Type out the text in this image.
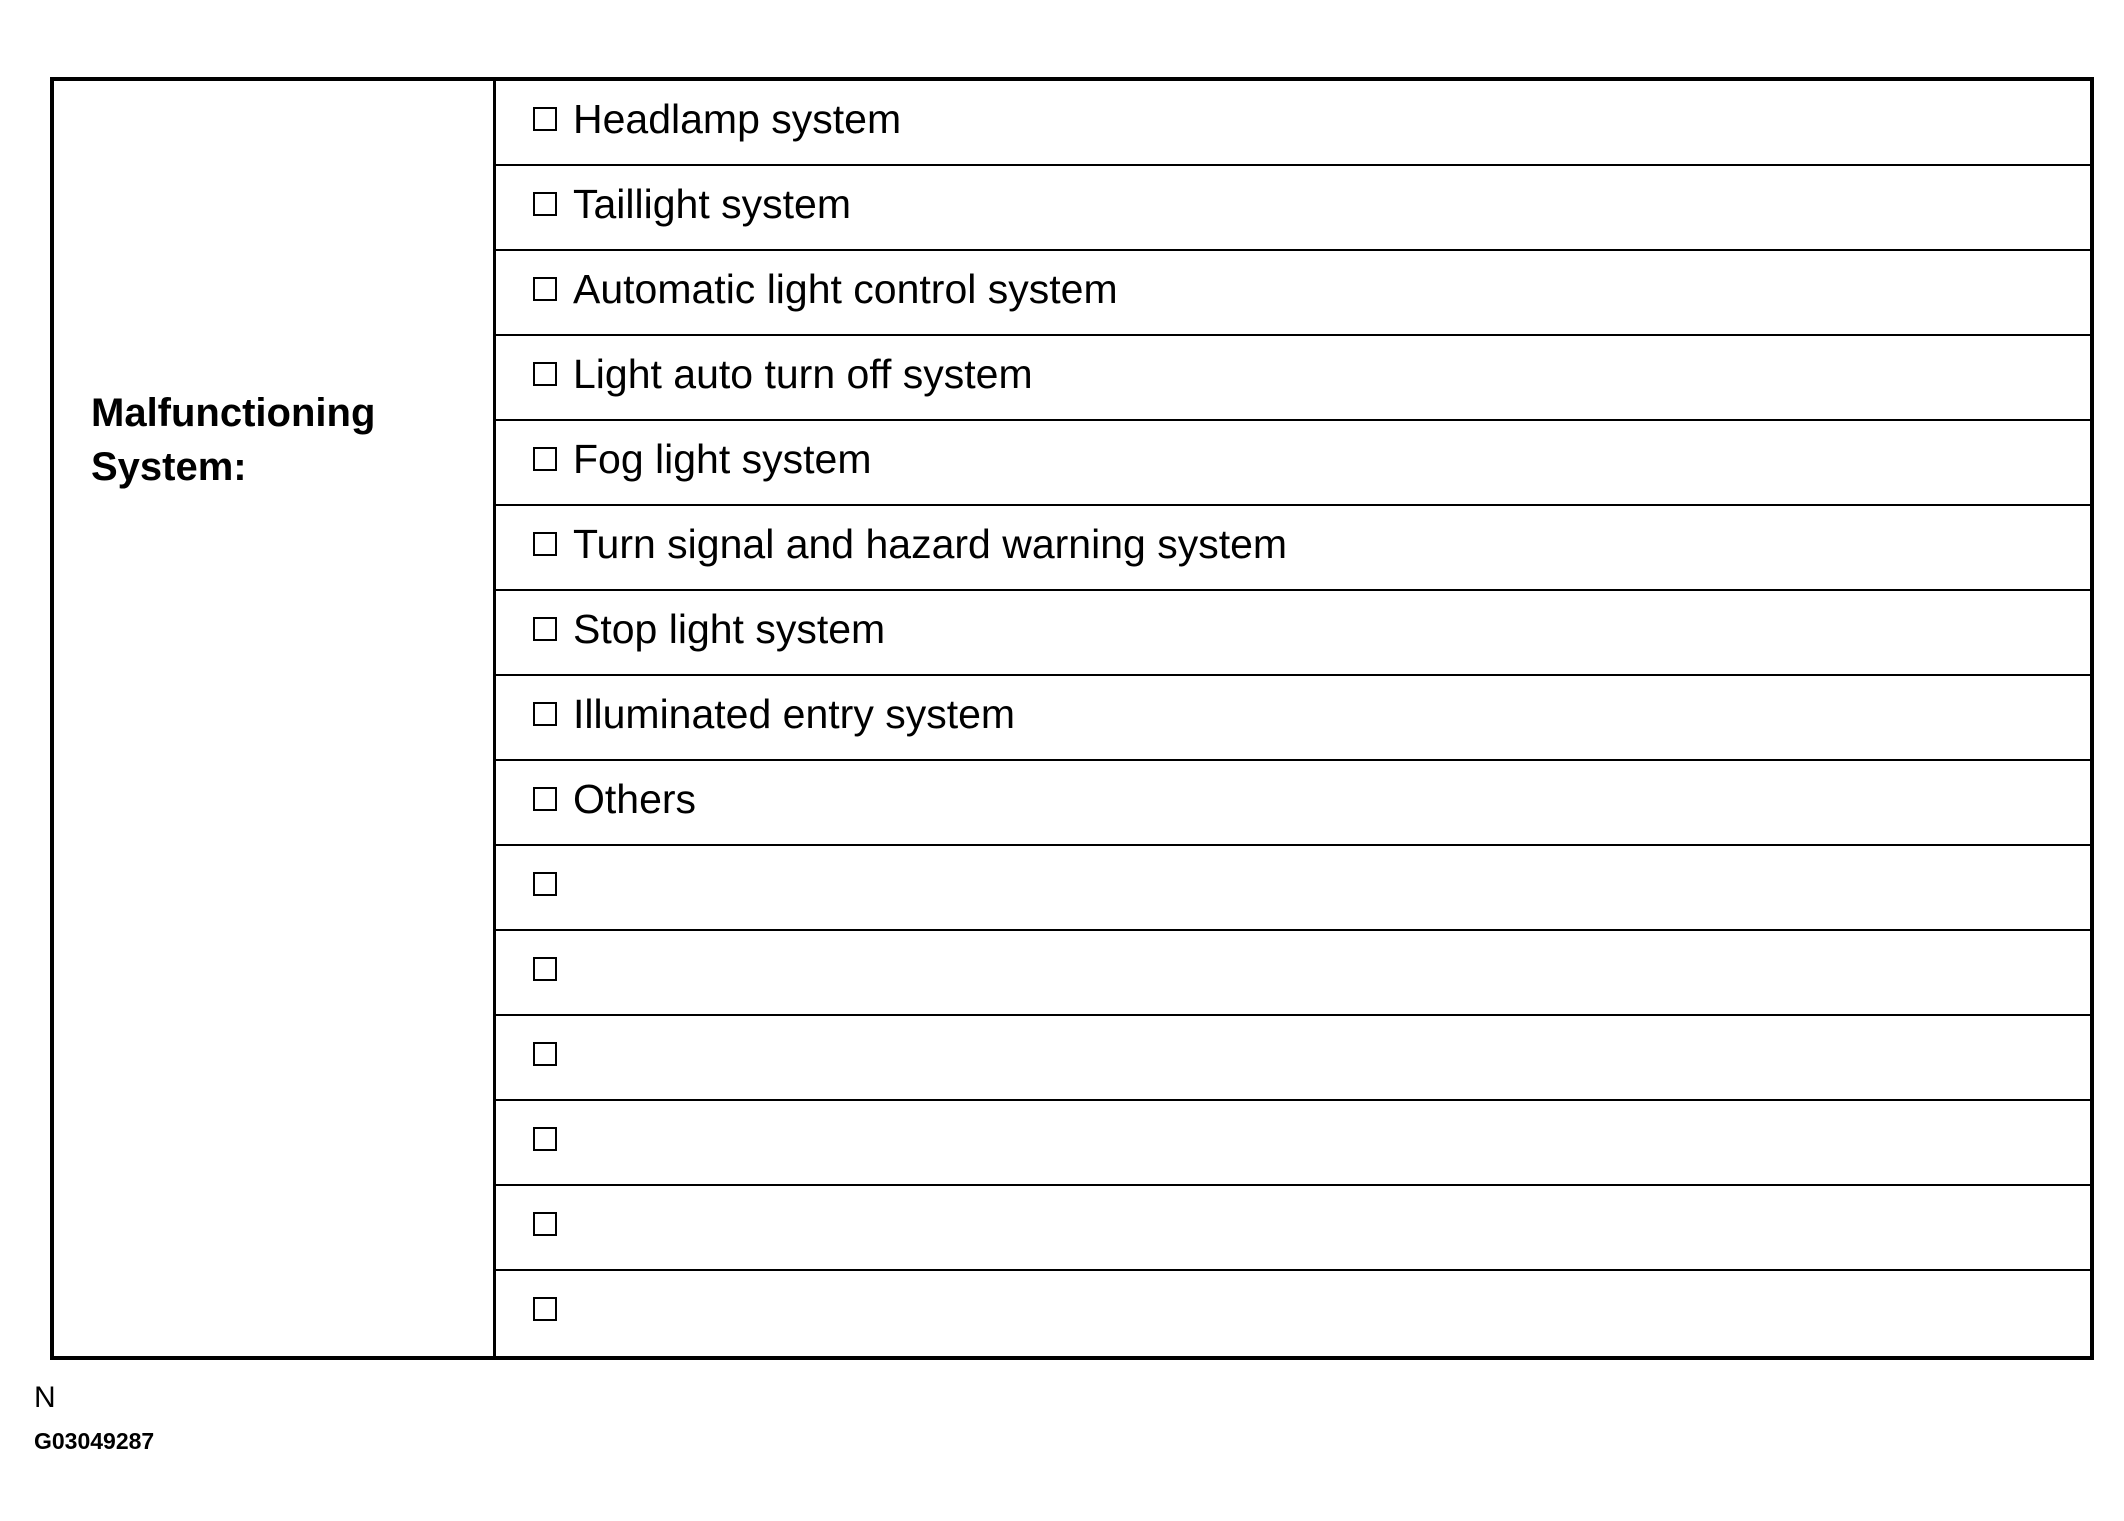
Malfunctioning
System:
Headlamp system
Taillight system
Automatic light control system
Light auto turn off system
Fog light system
Turn signal and hazard warning system
Stop light system
Illuminated entry system
Others
N
G03049287
